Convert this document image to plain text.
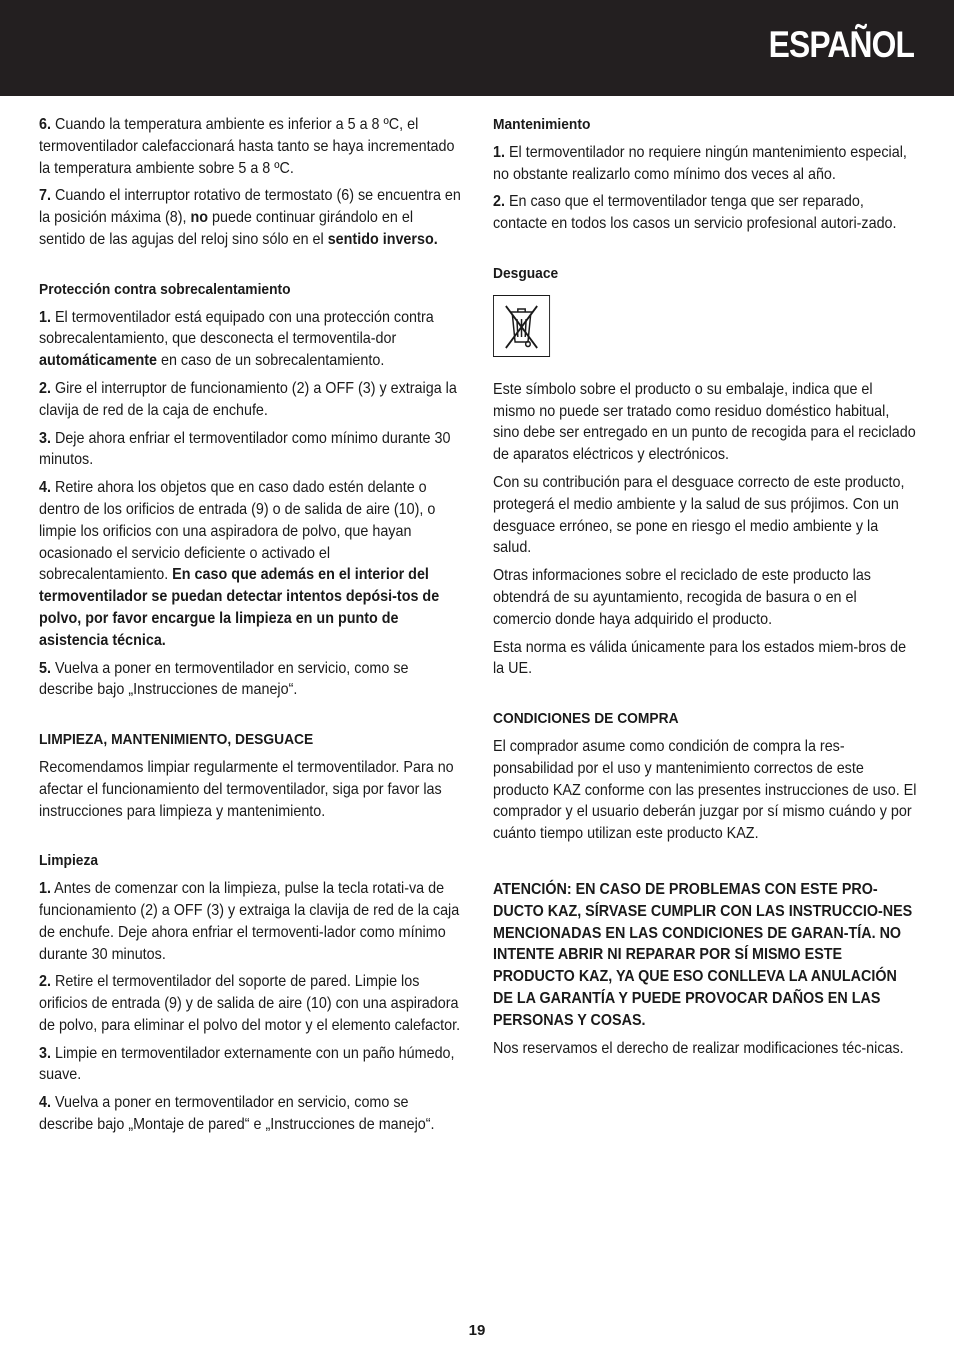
ESPAÑOL

6. Cuando la temperatura ambiente es inferior a 5 a 8 ºC, el termoventilador calefaccionará hasta tanto se haya incrementado la temperatura ambiente sobre 5 a 8 ºC.

7. Cuando el interruptor rotativo de termostato (6) se encuentra en la posición máxima (8), no puede continuar girándolo en el sentido de las agujas del reloj sino sólo en el sentido inverso.

Protección contra sobrecalentamiento

1. El termoventilador está equipado con una protección contra sobrecalentamiento, que desconecta el termoventila-dor automáticamente en caso de un sobrecalentamiento.

2. Gire el interruptor de funcionamiento (2) a OFF (3) y extraiga la clavija de red de la caja de enchufe.

3. Deje ahora enfriar el termoventilador como mínimo durante 30 minutos.

4. Retire ahora los objetos que en caso dado estén delante o dentro de los orificios de entrada (9) o de salida de aire (10), o limpie los orificios con una aspiradora de polvo, que hayan ocasionado el servicio deficiente o activado el sobrecalentamiento. En caso que además en el interior del termoventilador se puedan detectar intentos depósi-tos de polvo, por favor encargue la limpieza en un punto de asistencia técnica.

5. Vuelva a poner en termoventilador en servicio, como se describe bajo „Instrucciones de manejo“.

LIMPIEZA, MANTENIMIENTO, DESGUACE

Recomendamos limpiar regularmente el termoventilador. Para no afectar el funcionamiento del termoventilador, siga por favor las instrucciones para limpieza y mantenimiento.

Limpieza

1. Antes de comenzar con la limpieza, pulse la tecla rotati-va de funcionamiento (2) a OFF (3) y extraiga la clavija de red de la caja de enchufe. Deje ahora enfriar el termoventi-lador como mínimo durante 30 minutos.

2. Retire el termoventilador del soporte de pared. Limpie los orificios de entrada (9) y de salida de aire (10) con una aspiradora de polvo, para eliminar el polvo del motor y el elemento calefactor.

3. Limpie en termoventilador externamente con un paño húmedo, suave.

4. Vuelva a poner en termoventilador en servicio, como se describe bajo „Montaje de pared“ e „Instrucciones de manejo“.

Mantenimiento

1. El termoventilador no requiere ningún mantenimiento especial, no obstante realizarlo como mínimo dos veces al año.

2. En caso que el termoventilador tenga que ser reparado, contacte en todos los casos un servicio profesional autori-zado.

Desguace

Este símbolo sobre el producto o su embalaje, indica que el mismo no puede ser tratado como residuo doméstico habitual, sino debe ser entregado en un punto de recogida para el reciclado de aparatos eléctricos y electrónicos.

Con su contribución para el desguace correcto de este producto, protegerá el medio ambiente y la salud de sus prójimos. Con un desguace erróneo, se pone en riesgo el medio ambiente y la salud.

Otras informaciones sobre el reciclado de este producto las obtendrá de su ayuntamiento, recogida de basura o en el comercio donde haya adquirido el producto.

Esta norma es válida únicamente para los estados miem-bros de la UE.

CONDICIONES DE COMPRA

El comprador asume como condición de compra la res-ponsabilidad por el uso y mantenimiento correctos de este producto KAZ conforme con las presentes instrucciones de uso. El comprador y el usuario deberán juzgar por sí mismo cuándo y por cuánto tiempo utilizan este producto KAZ.

ATENCIÓN: EN CASO DE PROBLEMAS CON ESTE PRO-DUCTO KAZ, SÍRVASE CUMPLIR CON LAS INSTRUCCIO-NES MENCIONADAS EN LAS CONDICIONES DE GARAN-TÍA. NO INTENTE ABRIR NI REPARAR POR SÍ MISMO ESTE PRODUCTO KAZ, YA QUE ESO CONLLEVA LA ANULACIÓN DE LA GARANTÍA Y PUEDE PROVOCAR DAÑOS EN LAS PERSONAS Y COSAS.

Nos reservamos el derecho de realizar modificaciones téc-nicas.

19
